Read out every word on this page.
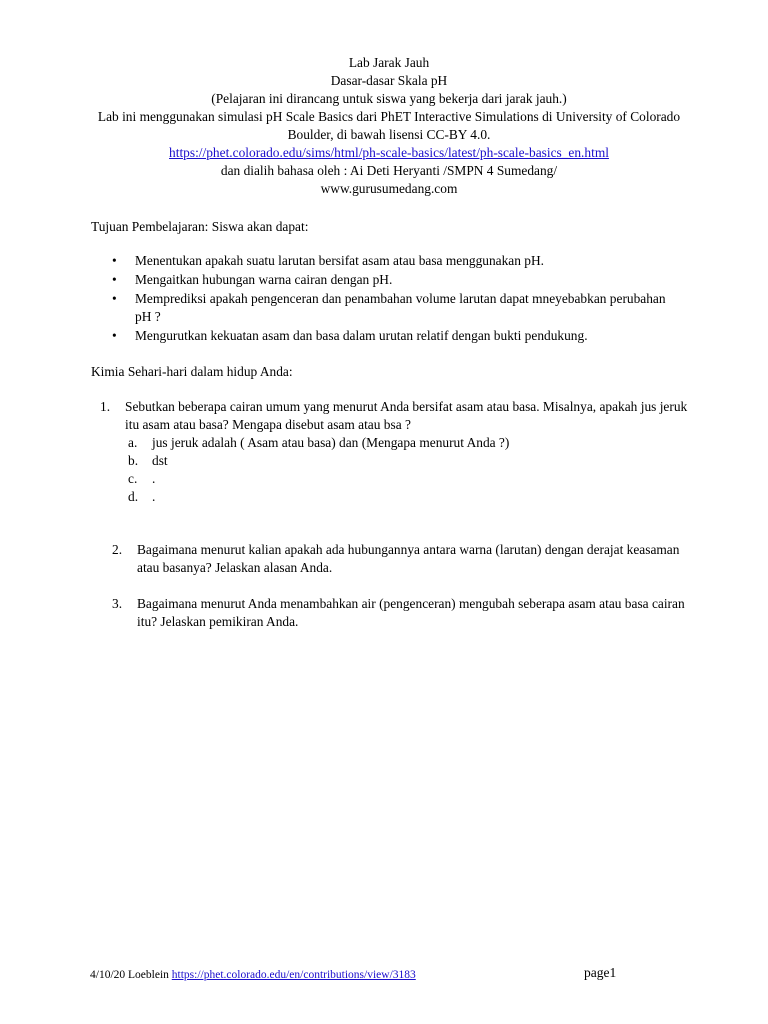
Lab Jarak Jauh
Dasar-dasar Skala pH
(Pelajaran ini dirancang untuk siswa yang bekerja dari jarak jauh.)
Lab ini menggunakan simulasi pH Scale Basics dari PhET Interactive Simulations di University of Colorado Boulder, di bawah lisensi CC-BY 4.0.
https://phet.colorado.edu/sims/html/ph-scale-basics/latest/ph-scale-basics_en.html
dan dialih bahasa oleh : Ai Deti Heryanti /SMPN 4 Sumedang/
www.gurusumedang.com
Tujuan Pembelajaran: Siswa akan dapat:
• Menentukan apakah suatu larutan bersifat asam atau basa menggunakan pH.
• Mengaitkan hubungan warna cairan dengan pH.
• Memprediksi apakah pengenceran dan penambahan volume larutan dapat mneyebabkan perubahan pH ?
• Mengurutkan kekuatan asam dan basa dalam urutan relatif dengan bukti pendukung.
Kimia Sehari-hari dalam hidup Anda:
1.	Sebutkan beberapa cairan umum yang menurut Anda bersifat asam atau basa. Misalnya, apakah jus jeruk itu asam atau basa? Mengapa disebut asam atau bsa ?
a. jus jeruk adalah ( Asam atau basa) dan (Mengapa menurut Anda ?)
b. dst
c. .
d. .
2.	Bagaimana menurut kalian apakah ada hubungannya antara warna (larutan) dengan derajat keasaman atau basanya? Jelaskan alasan Anda.
3.	Bagaimana menurut Anda menambahkan air (pengenceran) mengubah seberapa asam atau basa cairan itu? Jelaskan pemikiran Anda.
4/10/20 Loeblein https://phet.colorado.edu/en/contributions/view/3183	page1
